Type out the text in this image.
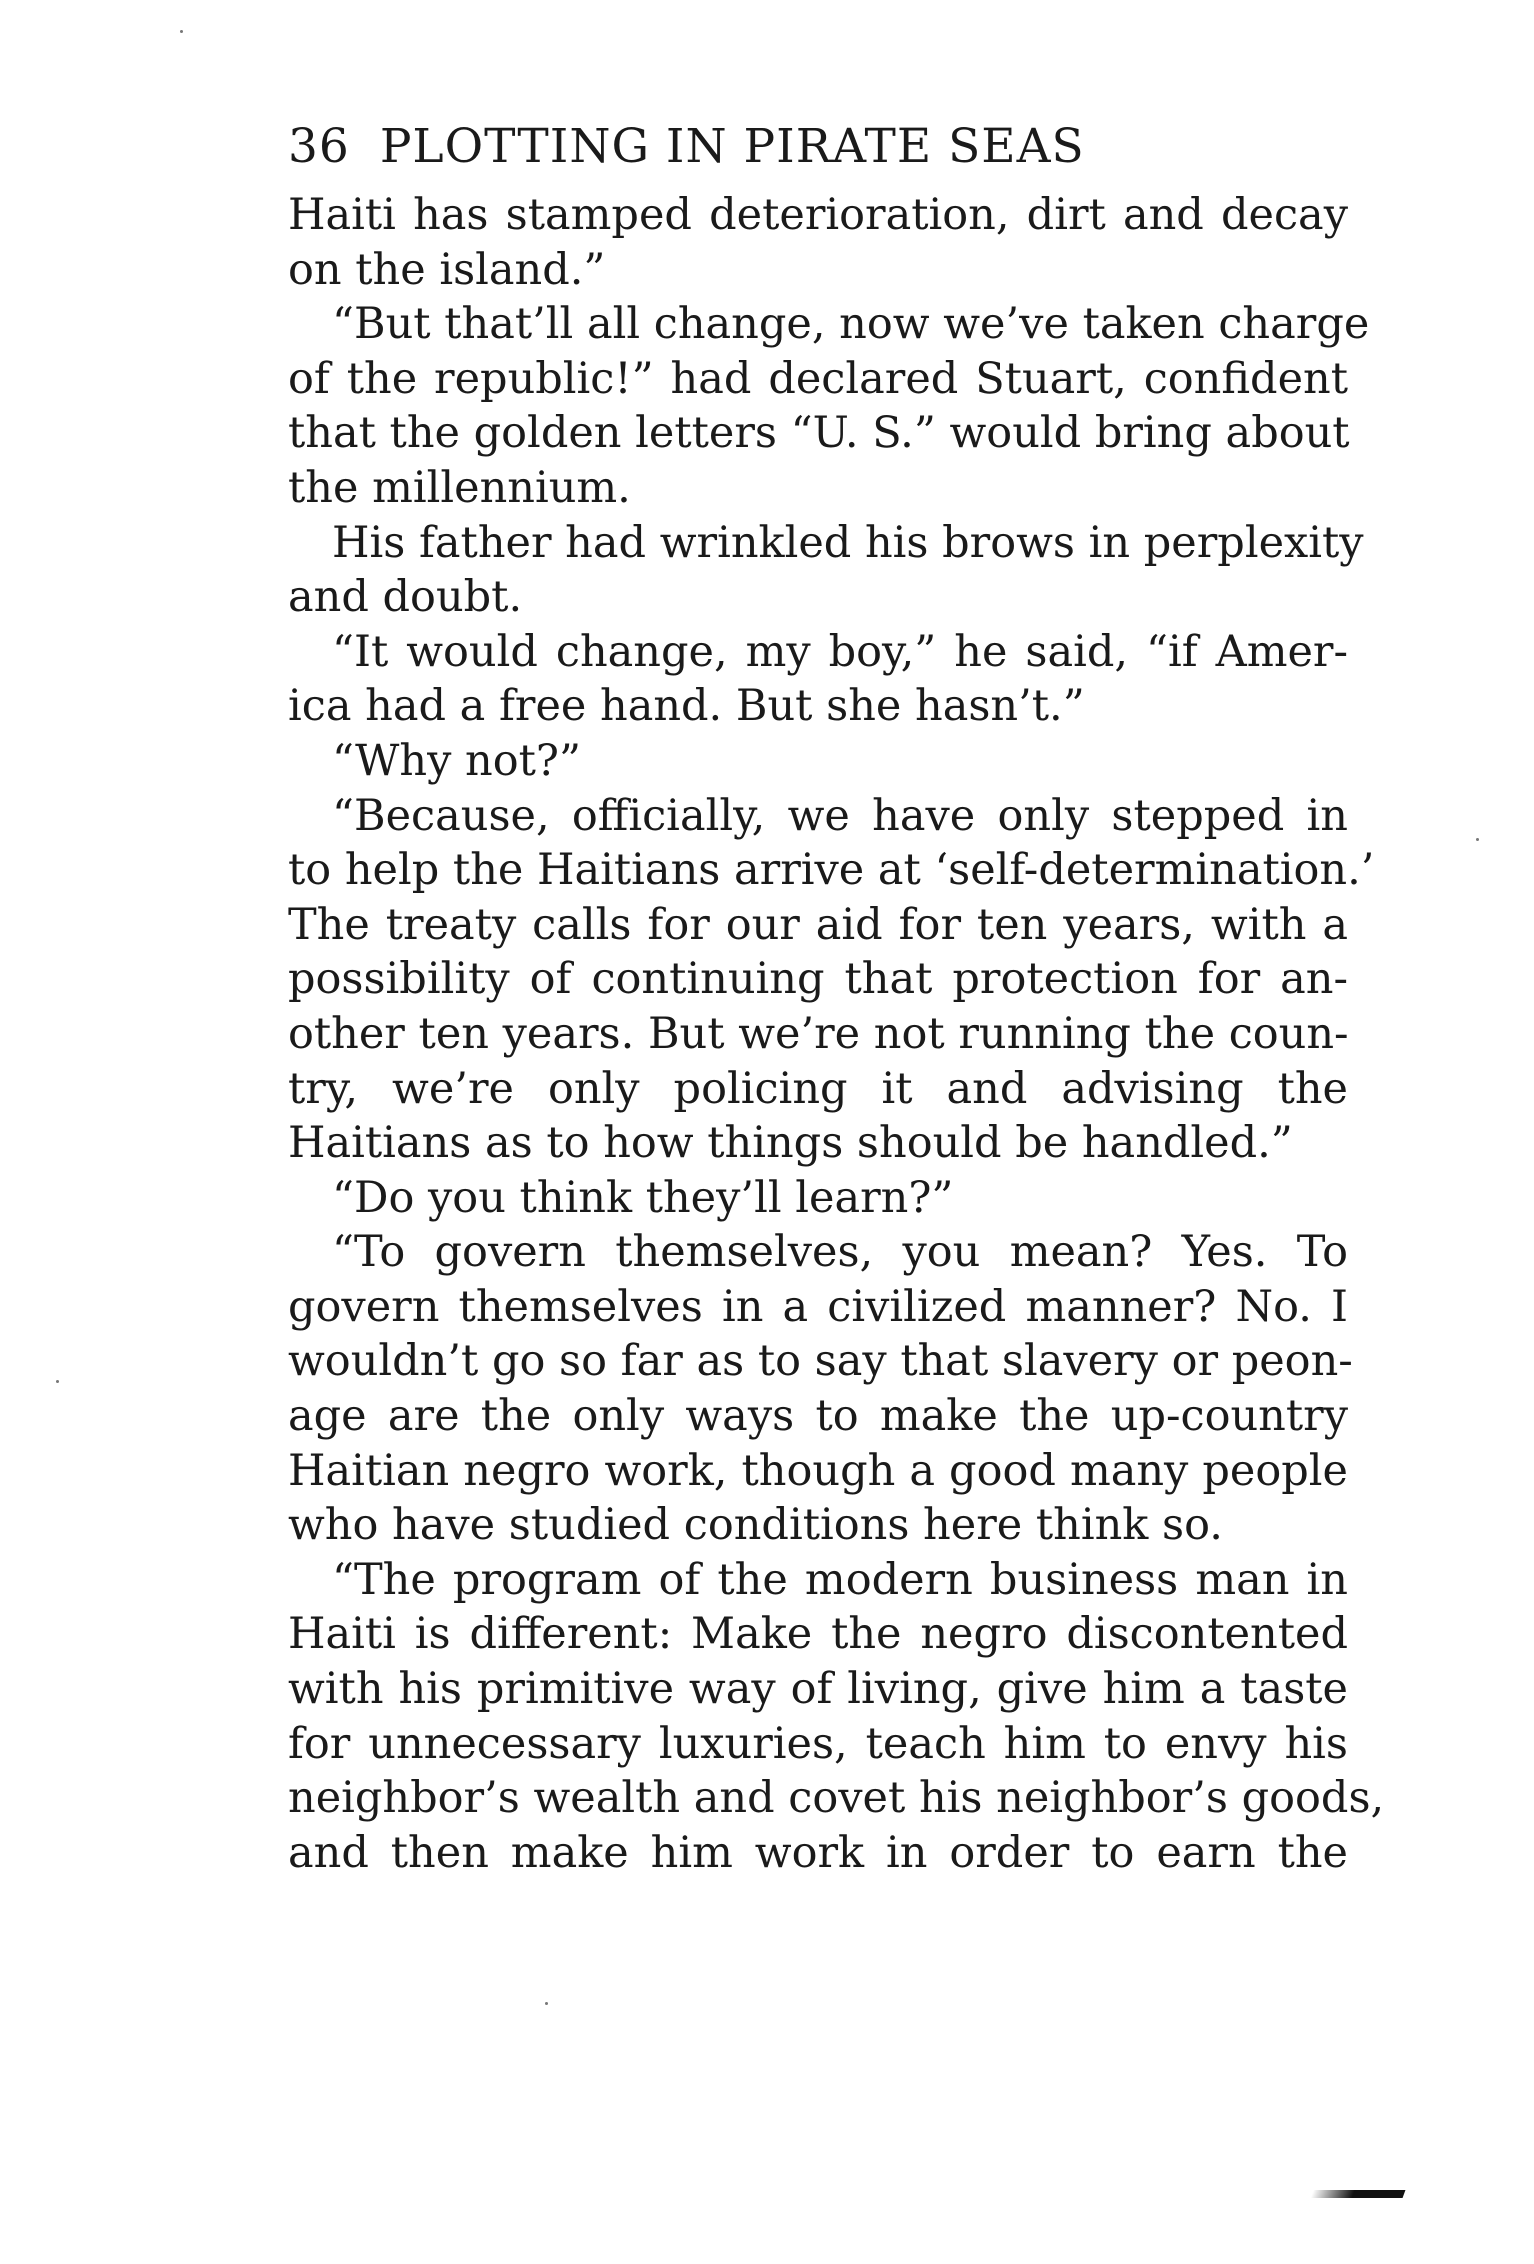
36 PLOTTING IN PIRATE SEAS
Haiti has stamped deterioration, dirt and decay
on the island.”
“But that’ll all change, now we’ve taken charge
of the republic!” had declared Stuart, confident
that the golden letters “U. S.” would bring about
the millennium.
His father had wrinkled his brows in perplexity
and doubt.
“It would change, my boy,” he said, “if Amer-
ica had a free hand. But she hasn’t.”
“Why not?”
“Because, officially, we have only stepped in
to help the Haitians arrive at ‘self-determination.’
The treaty calls for our aid for ten years, with a
possibility of continuing that protection for an-
other ten years. But we’re not running the coun-
try, we’re only policing it and advising the
Haitians as to how things should be handled.”
“Do you think they’ll learn?”
“To govern themselves, you mean? Yes. To
govern themselves in a civilized manner? No. I
wouldn’t go so far as to say that slavery or peon-
age are the only ways to make the up-country
Haitian negro work, though a good many people
who have studied conditions here think so.
“The program of the modern business man in
Haiti is different: Make the negro discontented
with his primitive way of living, give him a taste
for unnecessary luxuries, teach him to envy his
neighbor’s wealth and covet his neighbor’s goods,
and then make him work in order to earn the
